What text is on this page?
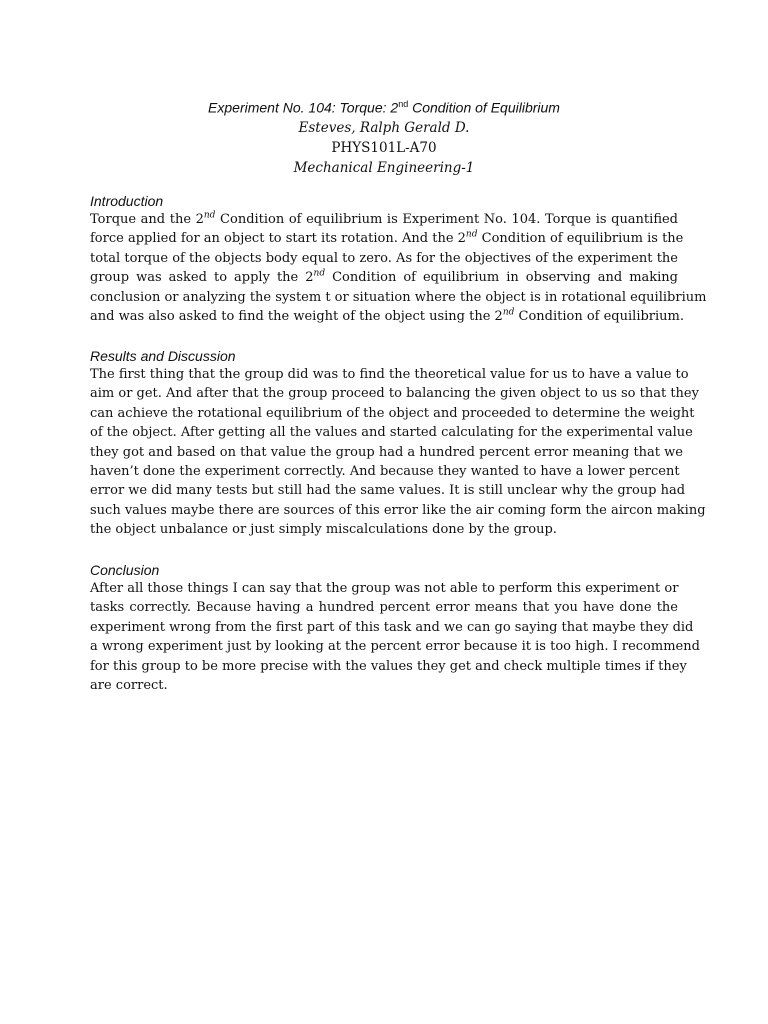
Experiment No. 104: Torque: 2nd Condition of Equilibrium

Esteves, Ralph Gerald D.

PHYS101L-A70

Mechanical Engineering-1

Introduction

Torque and the 2nd Condition of equilibrium is Experiment No. 104. Torque is quantified
force applied for an object to start its rotation. And the 2nd Condition of equilibrium is the
total torque of the objects body equal to zero. As for the objectives of the experiment the
group was asked to apply the 2nd Condition of equilibrium in observing and making
conclusion or analyzing the system t or situation where the object is in rotational equilibrium
and was also asked to find the weight of the object using the 2nd Condition of equilibrium.

Results and Discussion

The first thing that the group did was to find the theoretical value for us to have a value to
aim or get. And after that the group proceed to balancing the given object to us so that they
can achieve the rotational equilibrium of the object and proceeded to determine the weight
of the object. After getting all the values and started calculating for the experimental value
they got and based on that value the group had a hundred percent error meaning that we
haven’t done the experiment correctly. And because they wanted to have a lower percent
error we did many tests but still had the same values. It is still unclear why the group had
such values maybe there are sources of this error like the air coming form the aircon making
the object unbalance or just simply miscalculations done by the group.

Conclusion

After all those things I can say that the group was not able to perform this experiment or
tasks correctly. Because having a hundred percent error means that you have done the
experiment wrong from the first part of this task and we can go saying that maybe they did
a wrong experiment just by looking at the percent error because it is too high. I recommend
for this group to be more precise with the values they get and check multiple times if they
are correct.
